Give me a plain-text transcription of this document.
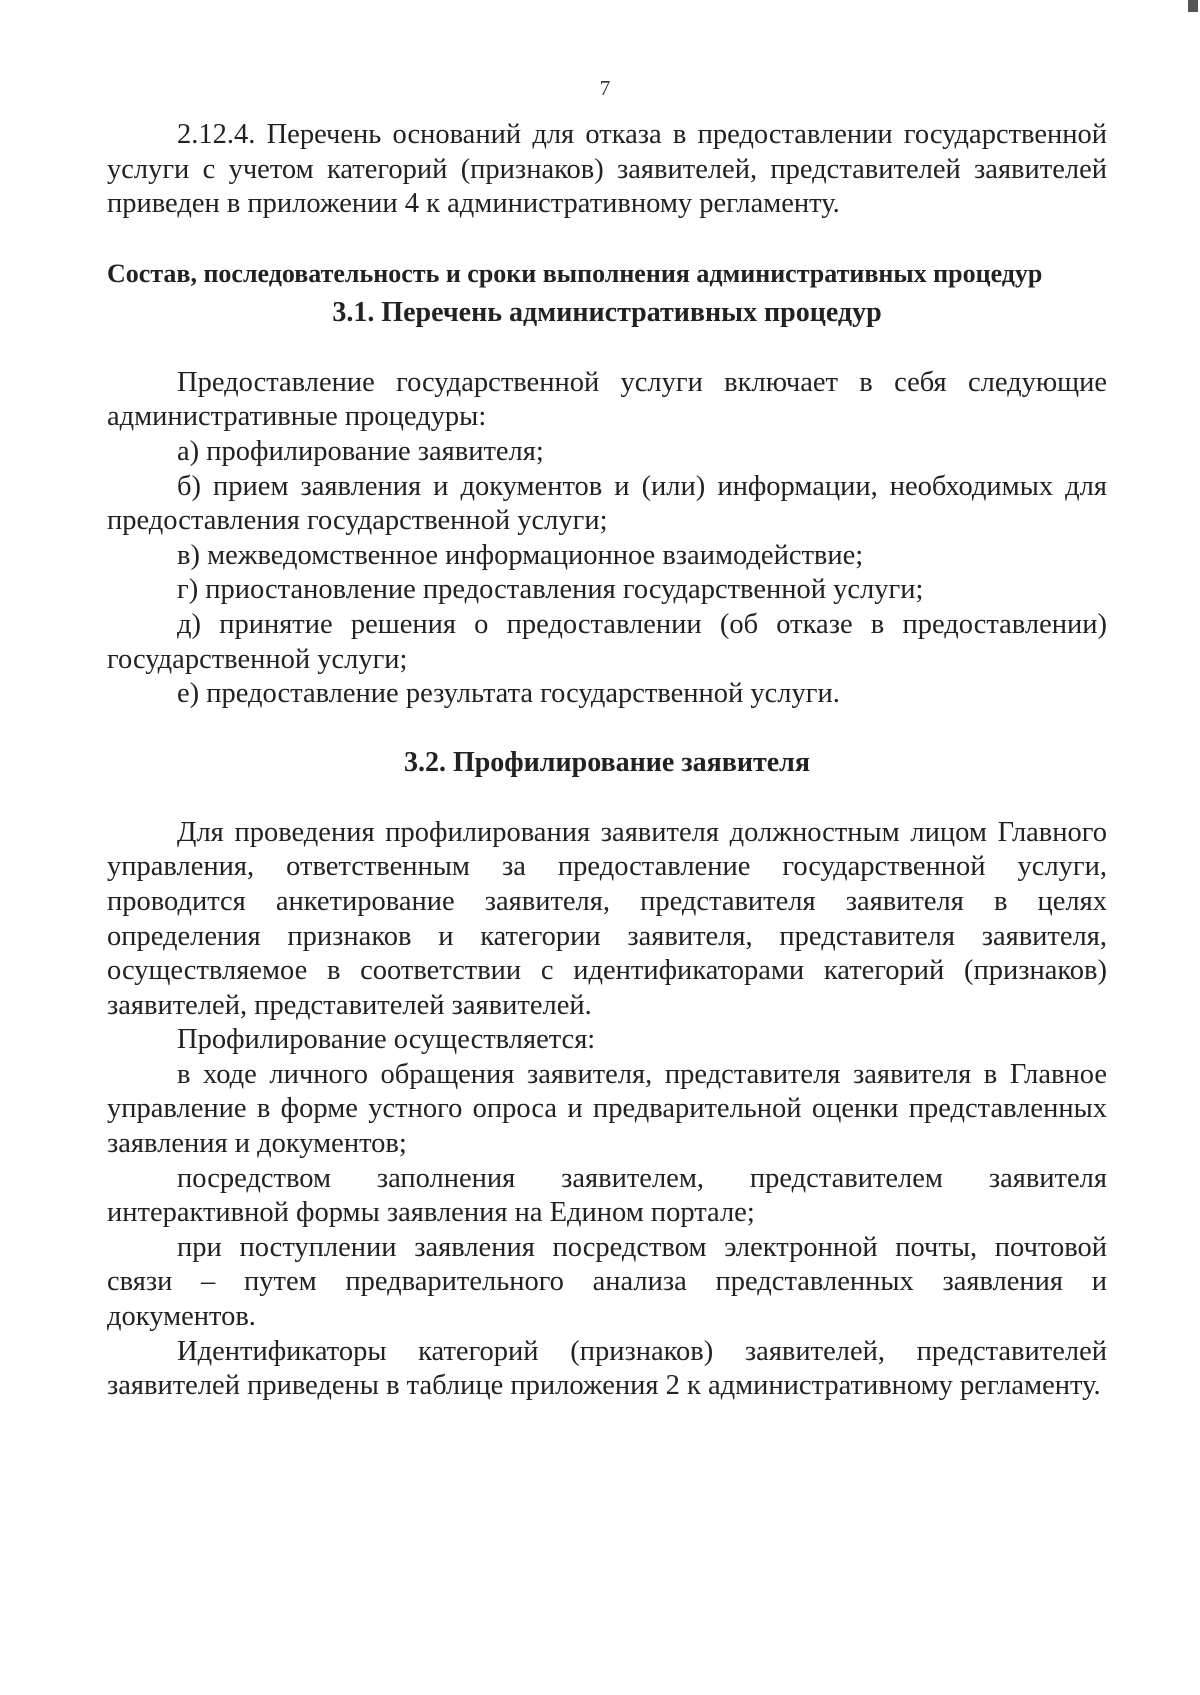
7

2.12.4. Перечень оснований для отказа в предоставлении государственной услуги с учетом категорий (признаков) заявителей, представителей заявителей приведен в приложении 4 к административному регламенту.

Состав, последовательность и сроки выполнения административных процедур

3.1. Перечень административных процедур

Предоставление государственной услуги включает в себя следующие административные процедуры:

а) профилирование заявителя;

б) прием заявления и документов и (или) информации, необходимых для предоставления государственной услуги;

в) межведомственное информационное взаимодействие;

г) приостановление предоставления государственной услуги;

д) принятие решения о предоставлении (об отказе в предоставлении) государственной услуги;

е) предоставление результата государственной услуги.

3.2. Профилирование заявителя

Для проведения профилирования заявителя должностным лицом Главного управления, ответственным за предоставление государственной услуги, проводится анкетирование заявителя, представителя заявителя в целях определения признаков и категории заявителя, представителя заявителя, осуществляемое в соответствии с идентификаторами категорий (признаков) заявителей, представителей заявителей.

Профилирование осуществляется:

в ходе личного обращения заявителя, представителя заявителя в Главное управление в форме устного опроса и предварительной оценки представленных заявления и документов;

посредством заполнения заявителем, представителем заявителя интерактивной формы заявления на Едином портале;

при поступлении заявления посредством электронной почты, почтовой связи – путем предварительного анализа представленных заявления и документов.

Идентификаторы категорий (признаков) заявителей, представителей заявителей приведены в таблице приложения 2 к административному регламенту.
